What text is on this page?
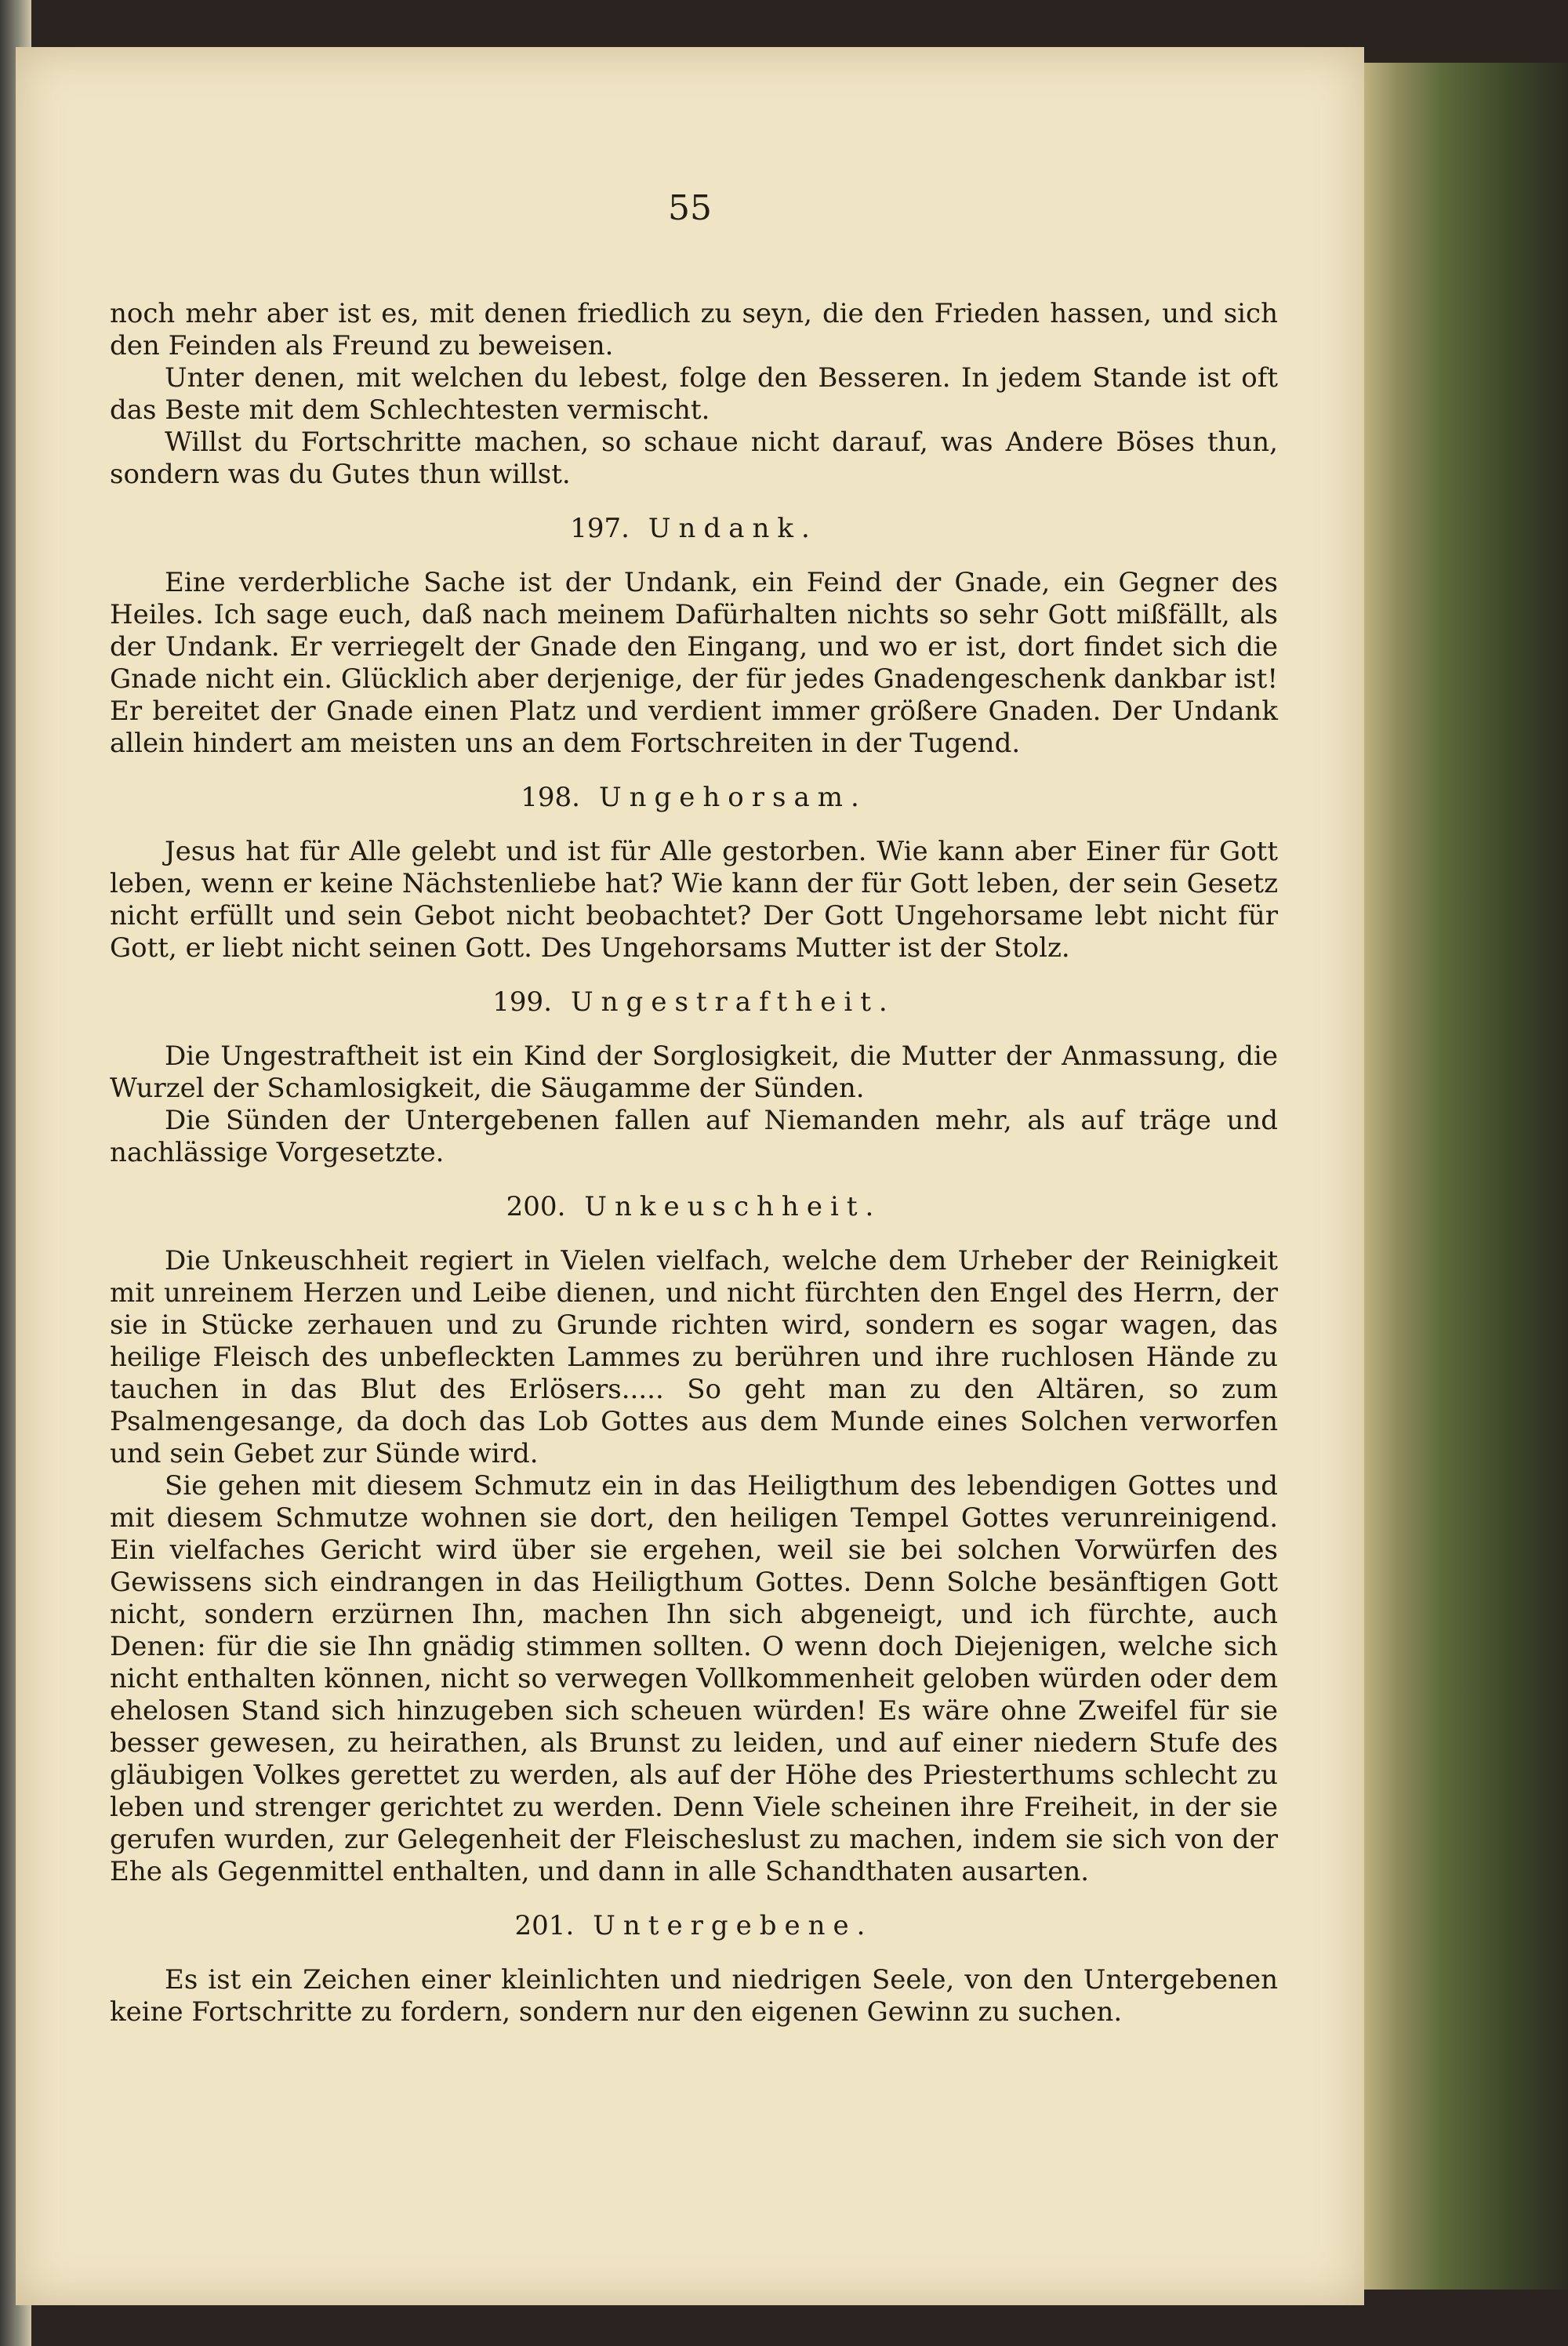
55

noch mehr aber ist es, mit denen friedlich zu seyn, die den Frieden hassen, und sich den Feinden als Freund zu beweisen.

Unter denen, mit welchen du lebest, folge den Besseren. In jedem Stande ist oft das Beste mit dem Schlechtesten vermischt.

Willst du Fortschritte machen, so schaue nicht darauf, was Andere Böses thun, sondern was du Gutes thun willst.

197. Undank.

Eine verderbliche Sache ist der Undank, ein Feind der Gnade, ein Gegner des Heiles. Ich sage euch, daß nach meinem Dafürhalten nichts so sehr Gott mißfällt, als der Undank. Er verriegelt der Gnade den Eingang, und wo er ist, dort findet sich die Gnade nicht ein. Glücklich aber derjenige, der für jedes Gnadengeschenk dankbar ist! Er bereitet der Gnade einen Platz und verdient immer größere Gnaden. Der Undank allein hindert am meisten uns an dem Fortschreiten in der Tugend.

198. Ungehorsam.

Jesus hat für Alle gelebt und ist für Alle gestorben. Wie kann aber Einer für Gott leben, wenn er keine Nächstenliebe hat? Wie kann der für Gott leben, der sein Gesetz nicht erfüllt und sein Gebot nicht beobachtet? Der Gott Ungehorsame lebt nicht für Gott, er liebt nicht seinen Gott. Des Ungehorsams Mutter ist der Stolz.

199. Ungestraftheit.

Die Ungestraftheit ist ein Kind der Sorglosigkeit, die Mutter der Anmassung, die Wurzel der Schamlosigkeit, die Säugamme der Sünden.

Die Sünden der Untergebenen fallen auf Niemanden mehr, als auf träge und nachlässige Vorgesetzte.

200. Unkeuschheit.

Die Unkeuschheit regiert in Vielen vielfach, welche dem Urheber der Reinigkeit mit unreinem Herzen und Leibe dienen, und nicht fürchten den Engel des Herrn, der sie in Stücke zerhauen und zu Grunde richten wird, sondern es sogar wagen, das heilige Fleisch des unbefleckten Lammes zu berühren und ihre ruchlosen Hände zu tauchen in das Blut des Erlösers..... So geht man zu den Altären, so zum Psalmengesange, da doch das Lob Gottes aus dem Munde eines Solchen verworfen und sein Gebet zur Sünde wird.

Sie gehen mit diesem Schmutz ein in das Heiligthum des lebendigen Gottes und mit diesem Schmutze wohnen sie dort, den heiligen Tempel Gottes verunreinigend. Ein vielfaches Gericht wird über sie ergehen, weil sie bei solchen Vorwürfen des Gewissens sich eindrangen in das Heiligthum Gottes. Denn Solche besänftigen Gott nicht, sondern erzürnen Ihn, machen Ihn sich abgeneigt, und ich fürchte, auch Denen: für die sie Ihn gnädig stimmen sollten. O wenn doch Diejenigen, welche sich nicht enthalten können, nicht so verwegen Vollkommenheit geloben würden oder dem ehelosen Stand sich hinzugeben sich scheuen würden! Es wäre ohne Zweifel für sie besser gewesen, zu heirathen, als Brunst zu leiden, und auf einer niedern Stufe des gläubigen Volkes gerettet zu werden, als auf der Höhe des Priesterthums schlecht zu leben und strenger gerichtet zu werden. Denn Viele scheinen ihre Freiheit, in der sie gerufen wurden, zur Gelegenheit der Fleischeslust zu machen, indem sie sich von der Ehe als Gegenmittel enthalten, und dann in alle Schandthaten ausarten.

201. Untergebene.

Es ist ein Zeichen einer kleinlichten und niedrigen Seele, von den Untergebenen keine Fortschritte zu fordern, sondern nur den eigenen Gewinn zu suchen.
